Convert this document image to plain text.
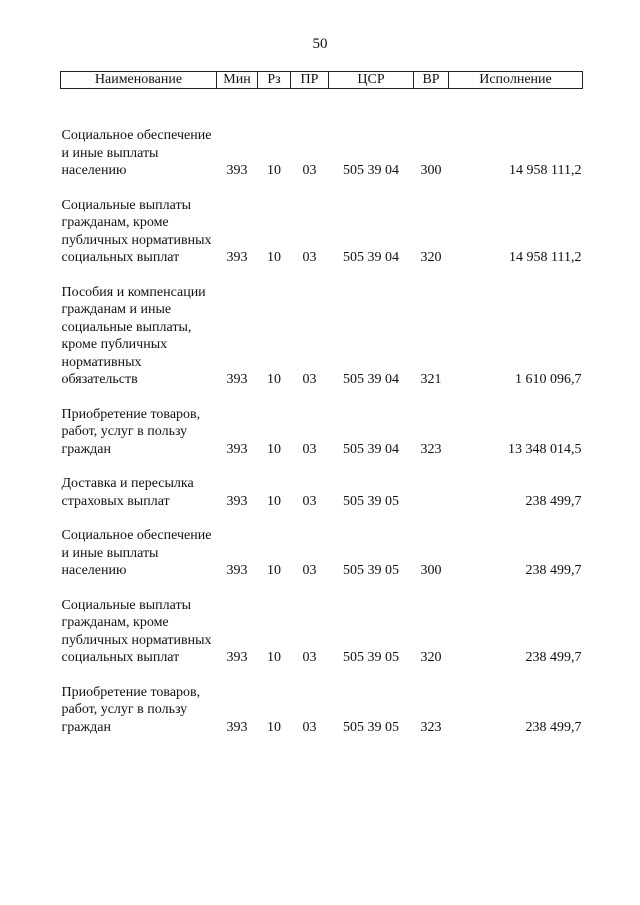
50
Наименование	Мин	Рз	ПР	ЦСР	ВР	Исполнение

Социальное обеспечение и иные выплаты населению	393	10	03	505 39 04	300	14 958 111,2
Социальные выплаты гражданам, кроме публичных нормативных социальных выплат	393	10	03	505 39 04	320	14 958 111,2
Пособия и компенсации гражданам и иные социальные выплаты, кроме публичных нормативных обязательств	393	10	03	505 39 04	321	1 610 096,7
Приобретение товаров, работ, услуг в пользу граждан	393	10	03	505 39 04	323	13 348 014,5
Доставка и пересылка страховых выплат	393	10	03	505 39 05		238 499,7
Социальное обеспечение и иные выплаты населению	393	10	03	505 39 05	300	238 499,7
Социальные выплаты гражданам, кроме публичных нормативных социальных выплат	393	10	03	505 39 05	320	238 499,7
Приобретение товаров, работ, услуг в пользу граждан	393	10	03	505 39 05	323	238 499,7
